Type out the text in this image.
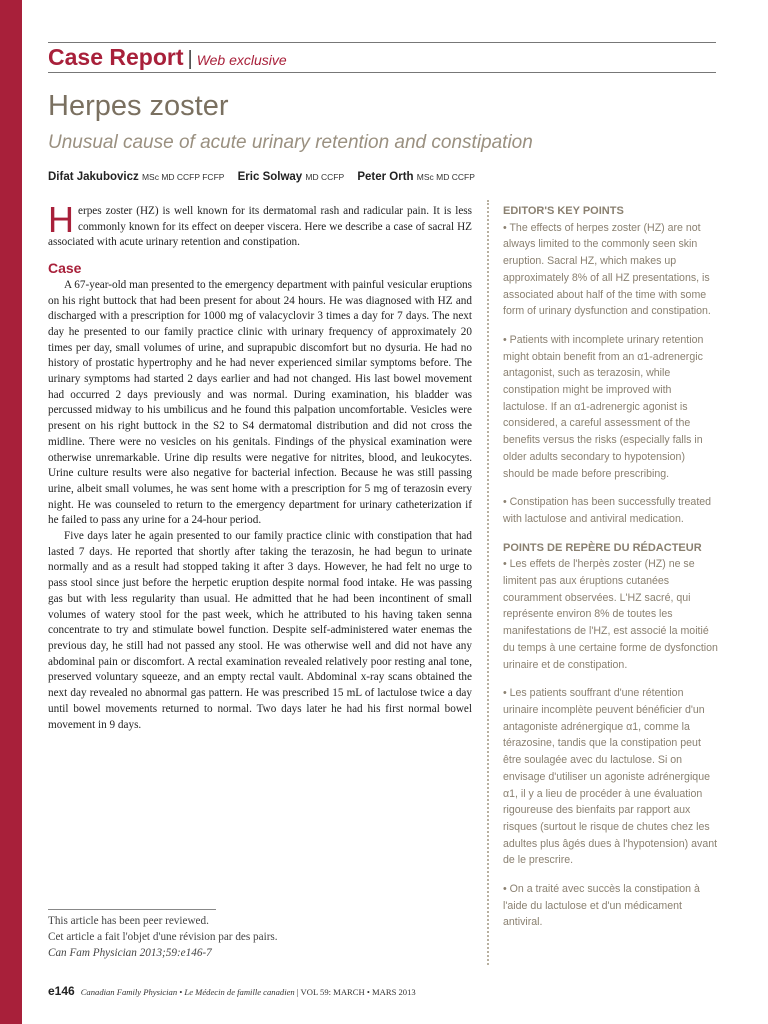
Case Report | Web exclusive
Herpes zoster
Unusual cause of acute urinary retention and constipation
Difat Jakubovicz MSc MD CCFP FCFP Eric Solway MD CCFP Peter Orth MSc MD CCFP

Herpes zoster (HZ) is well known for its dermatomal rash and radicular pain. It is less commonly known for its effect on deeper viscera. Here we describe a case of sacral HZ associated with acute urinary retention and constipation.

Case

A 67-year-old man presented to the emergency department with painful vesicular eruptions on his right buttock that had been present for about 24 hours. He was diagnosed with HZ and discharged with a prescription for 1000 mg of valacyclovir 3 times a day for 7 days. The next day he presented to our family practice clinic with urinary frequency of approximately 20 times per day, small volumes of urine, and suprapubic discomfort but no dysuria. He had no history of prostatic hypertrophy and he had never experienced similar symptoms before. The urinary symptoms had started 2 days earlier and had not changed. His last bowel movement had occurred 2 days previously and was normal. During examination, his bladder was percussed midway to his umbilicus and he found this palpation uncomfortable. Vesicles were present on his right buttock in the S2 to S4 dermatomal distribution and did not cross the midline. There were no vesicles on his genitals. Findings of the physical examination were otherwise unremarkable. Urine dip results were negative for nitrites, blood, and leukocytes. Urine culture results were also negative for bacterial infection. Because he was still passing urine, albeit small volumes, he was sent home with a prescription for 5 mg of terazosin every night. He was counseled to return to the emergency department for urinary catheterization if he failed to pass any urine for a 24-hour period.

Five days later he again presented to our family practice clinic with constipation that had lasted 7 days. He reported that shortly after taking the terazosin, he had begun to urinate normally and as a result had stopped taking it after 3 days. However, he had felt no urge to pass stool since just before the herpetic eruption despite normal food intake. He was passing gas but with less regularity than usual. He admitted that he had been incontinent of small volumes of watery stool for the past week, which he attributed to his having taken senna concentrate to try and stimulate bowel function. Despite self-administered water enemas the previous day, he still had not passed any stool. He was otherwise well and did not have any abdominal pain or discomfort. A rectal examination revealed relatively poor resting anal tone, preserved voluntary squeeze, and an empty rectal vault. Abdominal x-ray scans obtained the next day revealed no abnormal gas pattern. He was prescribed 15 mL of lactulose twice a day until bowel movements returned to normal. Two days later he had his first normal bowel movement in 9 days.

EDITOR'S KEY POINTS
• The effects of herpes zoster (HZ) are not always limited to the commonly seen skin eruption. Sacral HZ, which makes up approximately 8% of all HZ presentations, is associated about half of the time with some form of urinary dysfunction and constipation.
• Patients with incomplete urinary retention might obtain benefit from an α1-adrenergic antagonist, such as terazosin, while constipation might be improved with lactulose. If an α1-adrenergic agonist is considered, a careful assessment of the benefits versus the risks (especially falls in older adults secondary to hypotension) should be made before prescribing.
• Constipation has been successfully treated with lactulose and antiviral medication.
POINTS DE REPÈRE DU RÉDACTEUR
• Les effets de l'herpès zoster (HZ) ne se limitent pas aux éruptions cutanées couramment observées. L'HZ sacré, qui représente environ 8% de toutes les manifestations de l'HZ, est associé la moitié du temps à une certaine forme de dysfonction urinaire et de constipation.
• Les patients souffrant d'une rétention urinaire incomplète peuvent bénéficier d'un antagoniste adrénergique α1, comme la térazosine, tandis que la constipation peut être soulagée avec du lactulose. Si on envisage d'utiliser un agoniste adrénergique α1, il y a lieu de procéder à une évaluation rigoureuse des bienfaits par rapport aux risques (surtout le risque de chutes chez les adultes plus âgés dues à l'hypotension) avant de le prescrire.
• On a traité avec succès la constipation à l'aide du lactulose et d'un médicament antiviral.
This article has been peer reviewed.
Cet article a fait l'objet d'une révision par des pairs.
Can Fam Physician 2013;59:e146-7
e146 Canadian Family Physician • Le Médecin de famille canadien | VOL 59: MARCH • MARS 2013
